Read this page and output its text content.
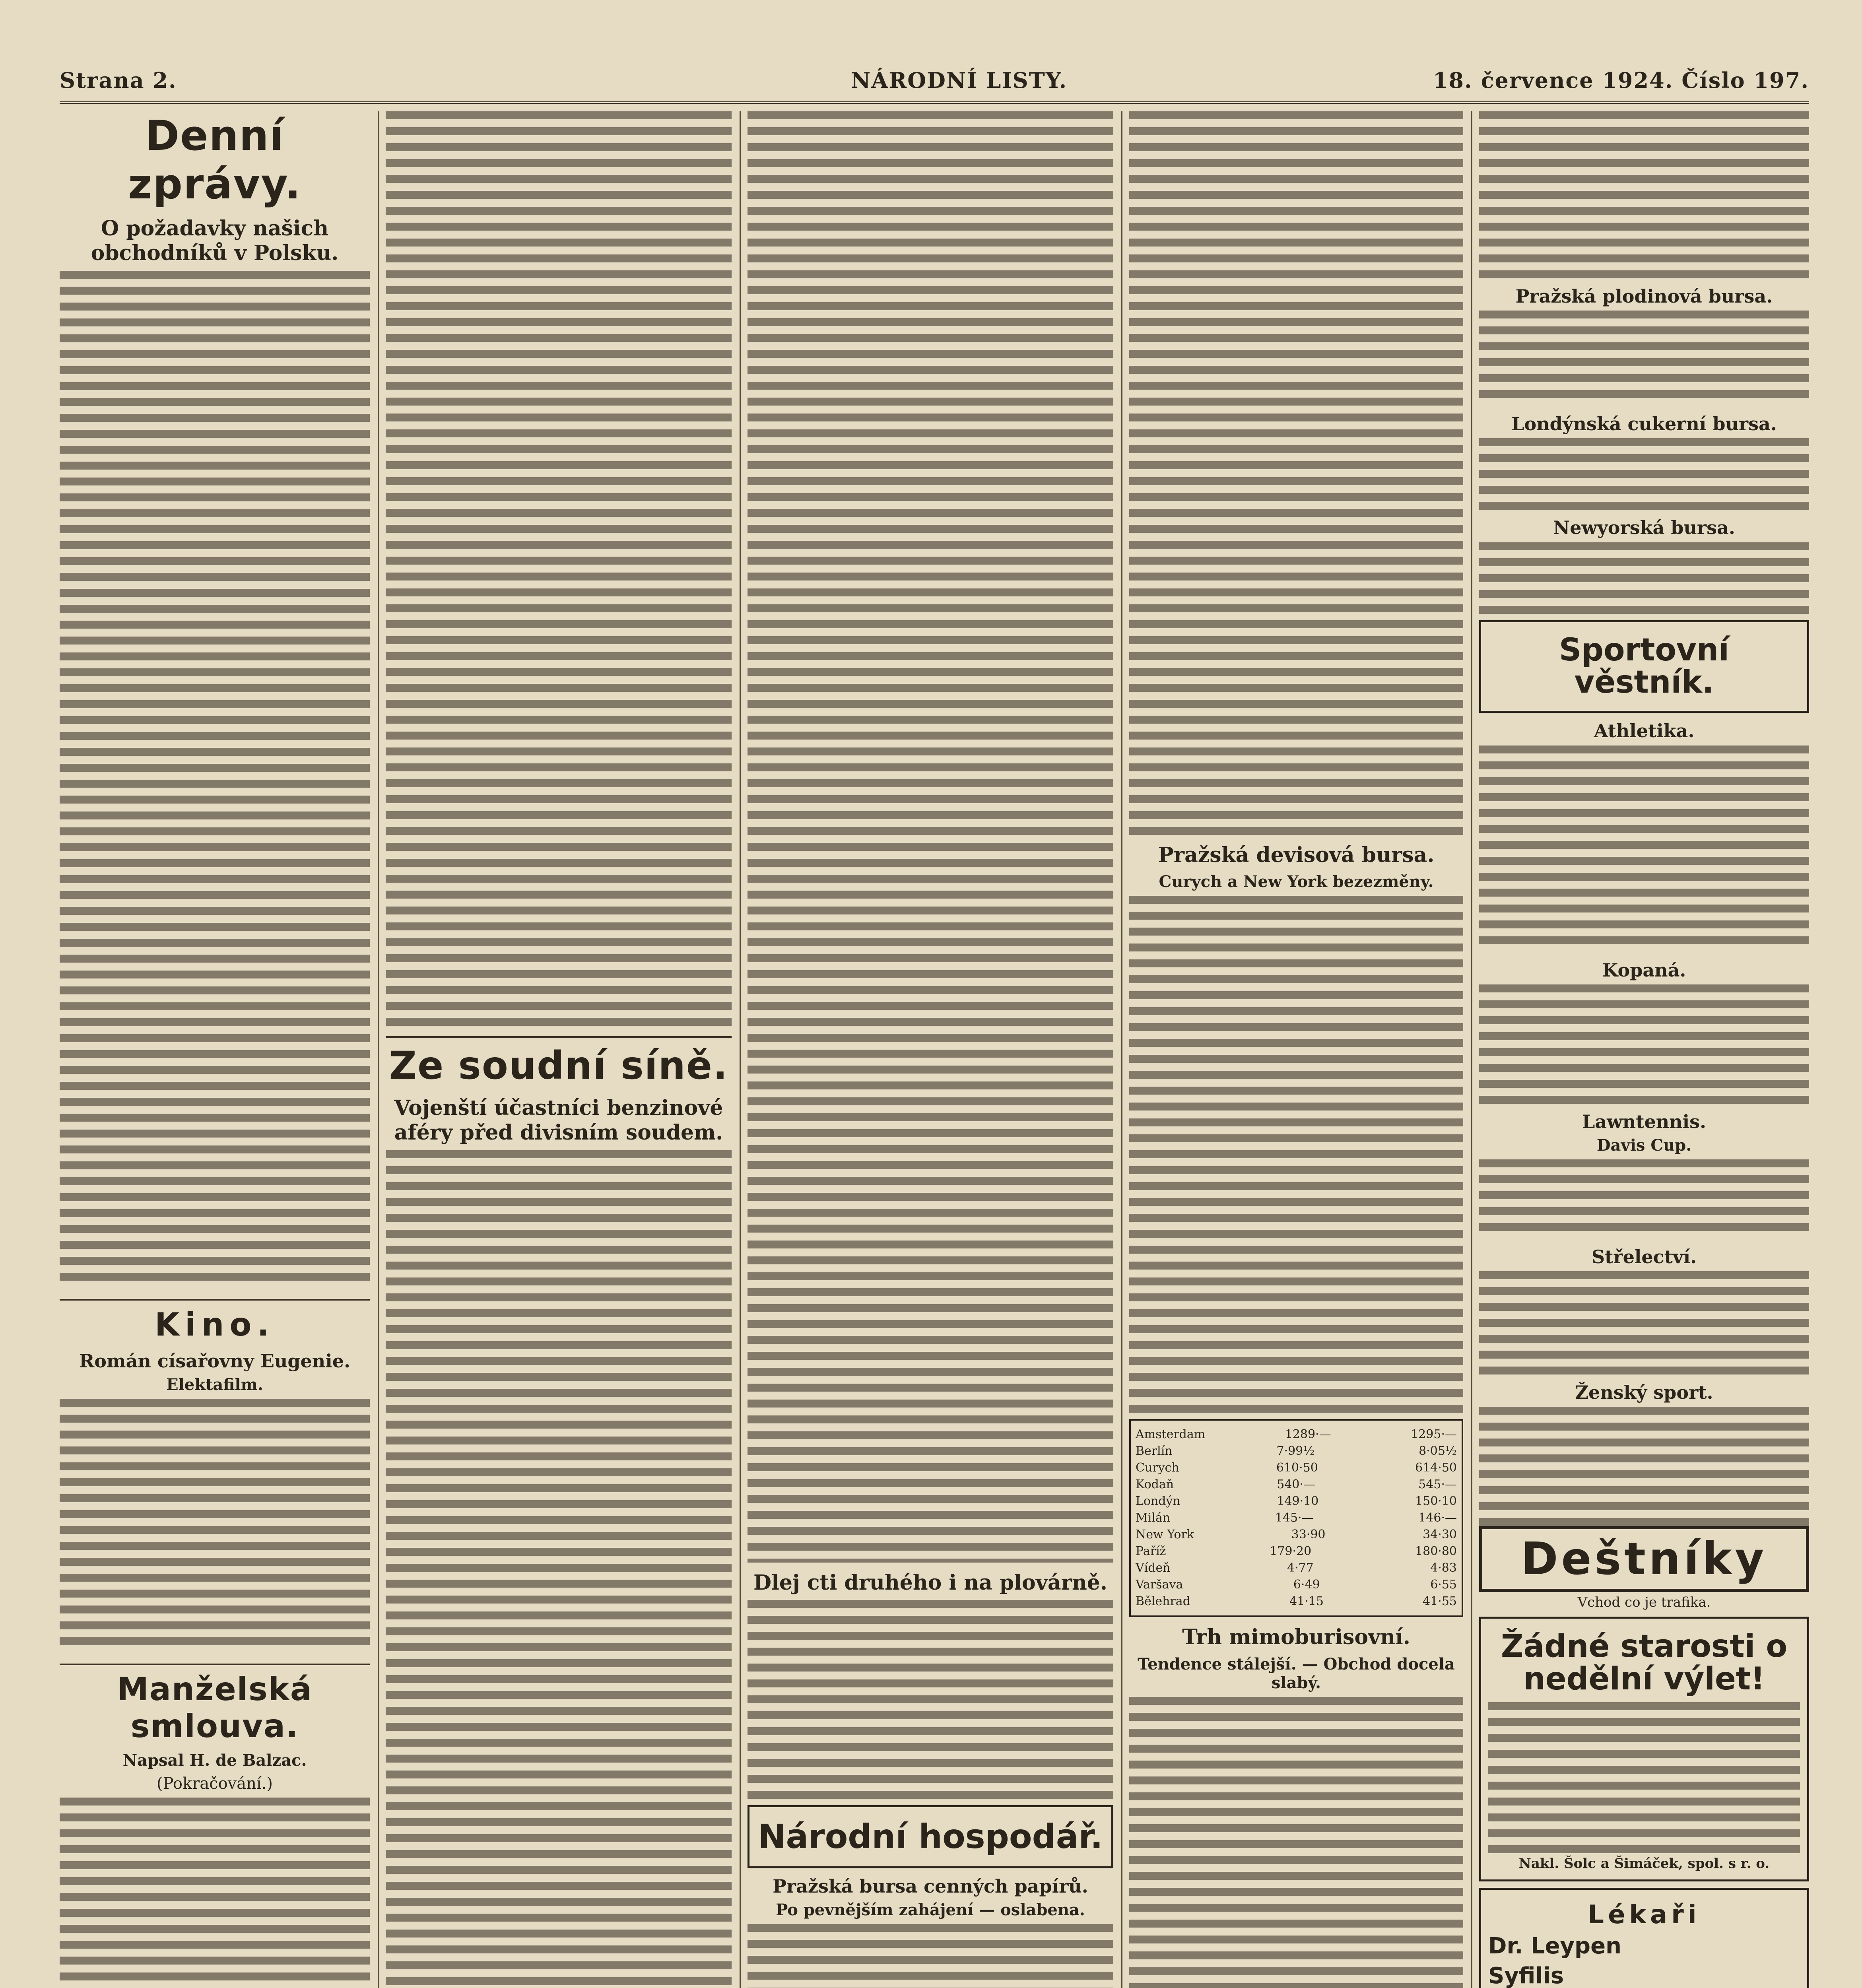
Strana 2.	NÁRODNÍ LISTY.	18. července 1924. Číslo 197.
Denní zprávy.
O požadavky našich obchodníků v Polsku.
Kino.
Román císařovny Eugenie.
Elektafilm.
Manželská smlouva.
Napsal H. de Balzac.
(Pokračování.)
Ze soudní síně.
Vojenští účastníci benzinové aféry před divisním soudem.
Dlej cti druhého i na plovárně.
Národní hospodář.
Pražská bursa cenných papírů.
Po pevnějším zahájení — oslabena.
Pražská devisová bursa.
Curych a New York bezezměny.
Amsterdam	1289·—	1295·—
Berlín	7·99½	8·05½
Curych	610·50	614·50
Kodaň	540·—	545·—
Londýn	149·10	150·10
Milán	145·—	146·—
New York	33·90	34·30
Paříž	179·20	180·80
Vídeň	4·77	4·83
Varšava	6·49	6·55
Bělehrad	41·15	41·55
Trh mimoburisovní.
Tendence stálejší. — Obchod docela slabý.
Pražská plodinová bursa.
Londýnská cukerní bursa.
Newyorská bursa.
Sportovní věstník.
Athletika.
Kopaná.
Lawntennis.
Davis Cup.
Střelectví.
Ženský sport.
Deštníky
Vchod co je trafika.
Žádné starosti o nedělní výlet!
Nakl. Šolc a Šimáček, spol. s r. o.
Lékaři
Dr. Leypen
Syfilis
